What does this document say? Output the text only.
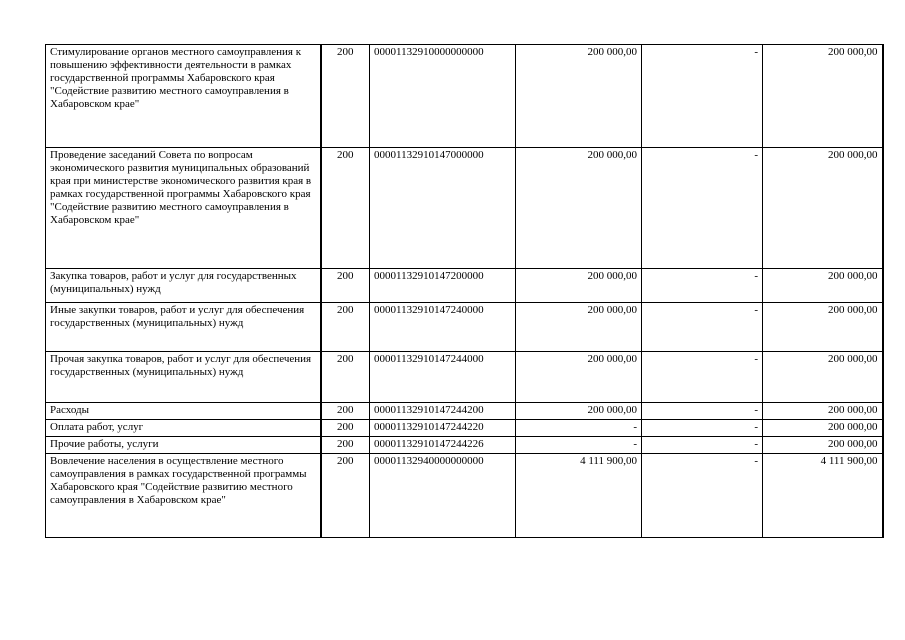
Стимулирование органов местного самоуправления к повышению эффективности деятельности в рамках государственной программы Хабаровского края "Содействие развитию местного самоуправления в Хабаровском крае"	200	00001132910000000000	200 000,00	-	200 000,00

Проведение заседаний Совета по вопросам экономического развития муниципальных образований края при министерстве экономического развития края в рамках государственной программы Хабаровского края "Содействие развитию местного самоуправления в Хабаровском крае"	200	00001132910147000000	200 000,00	-	200 000,00

Закупка товаров, работ и услуг для государственных (муниципальных) нужд	200	00001132910147200000	200 000,00	-	200 000,00

Иные закупки товаров, работ и услуг для обеспечения государственных (муниципальных) нужд	200	00001132910147240000	200 000,00	-	200 000,00

Прочая закупка товаров, работ и услуг для обеспечения государственных (муниципальных) нужд	200	00001132910147244000	200 000,00	-	200 000,00

Расходы	200	00001132910147244200	200 000,00	-	200 000,00

Оплата работ, услуг	200	00001132910147244220	-	-	200 000,00

Прочие работы, услуги	200	00001132910147244226	-	-	200 000,00

Вовлечение населения в осуществление местного самоуправления в рамках государственной программы Хабаровского края "Содействие развитию местного самоуправления в Хабаровском крае"	200	00001132940000000000	4 111 900,00	-	4 111 900,00
